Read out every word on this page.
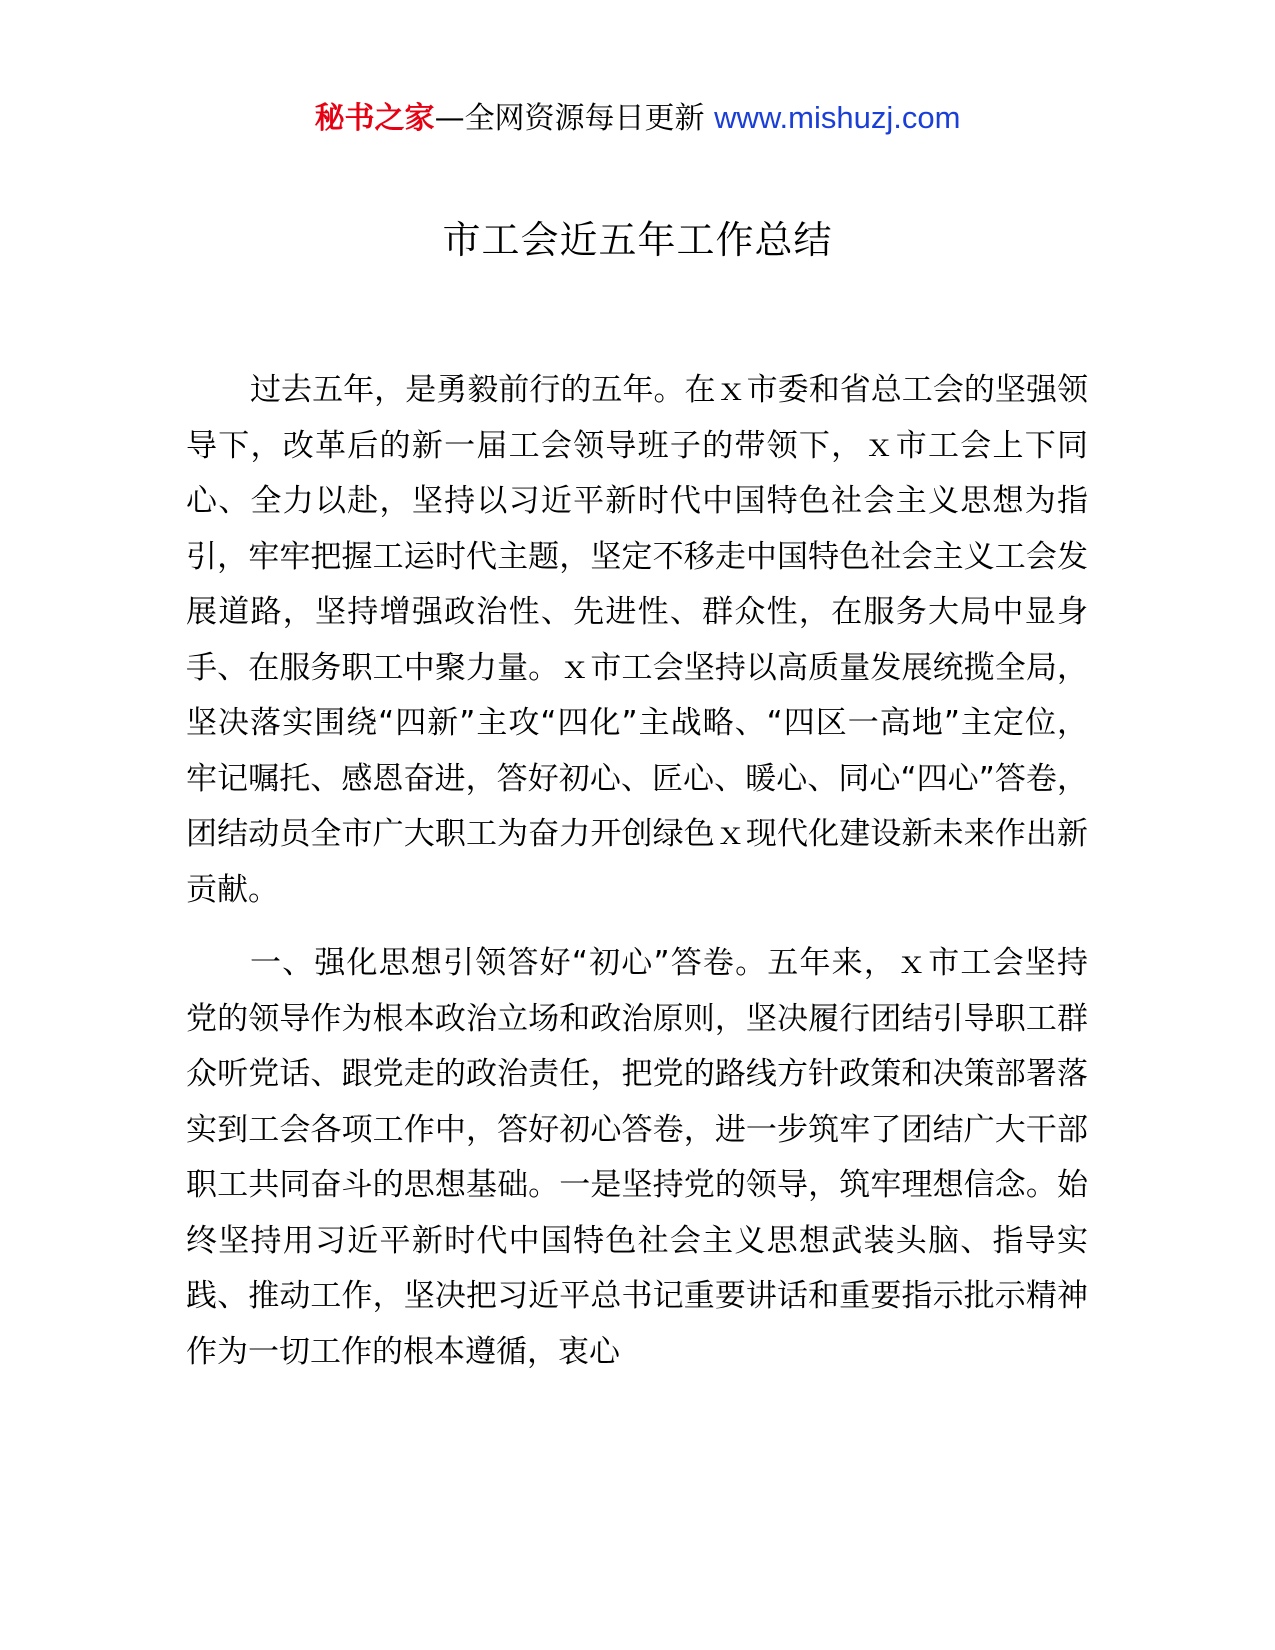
秘书之家—全网资源每日更新 www.mishuzj.com
市工会近五年工作总结

过去五年，是勇毅前行的五年。在ｘ市委和省总工会的坚强领导下，改革后的新一届工会领导班子的带领下，ｘ市工会上下同心、全力以赴，坚持以习近平新时代中国特色社会主义思想为指引，牢牢把握工运时代主题，坚定不移走中国特色社会主义工会发展道路，坚持增强政治性、先进性、群众性，在服务大局中显身手、在服务职工中聚力量。ｘ市工会坚持以高质量发展统揽全局，坚决落实围绕“四新”主攻“四化”主战略、“四区一高地”主定位，牢记嘱托、感恩奋进，答好初心、匠心、暖心、同心“四心”答卷，团结动员全市广大职工为奋力开创绿色ｘ现代化建设新未来作出新贡献。

一、强化思想引领答好“初心”答卷。五年来，ｘ市工会坚持党的领导作为根本政治立场和政治原则，坚决履行团结引导职工群众听党话、跟党走的政治责任，把党的路线方针政策和决策部署落实到工会各项工作中，答好初心答卷，进一步筑牢了团结广大干部职工共同奋斗的思想基础。一是坚持党的领导，筑牢理想信念。始终坚持用习近平新时代中国特色社会主义思想武装头脑、指导实践、推动工作，坚决把习近平总书记重要讲话和重要指示批示精神作为一切工作的根本遵循，衷心
